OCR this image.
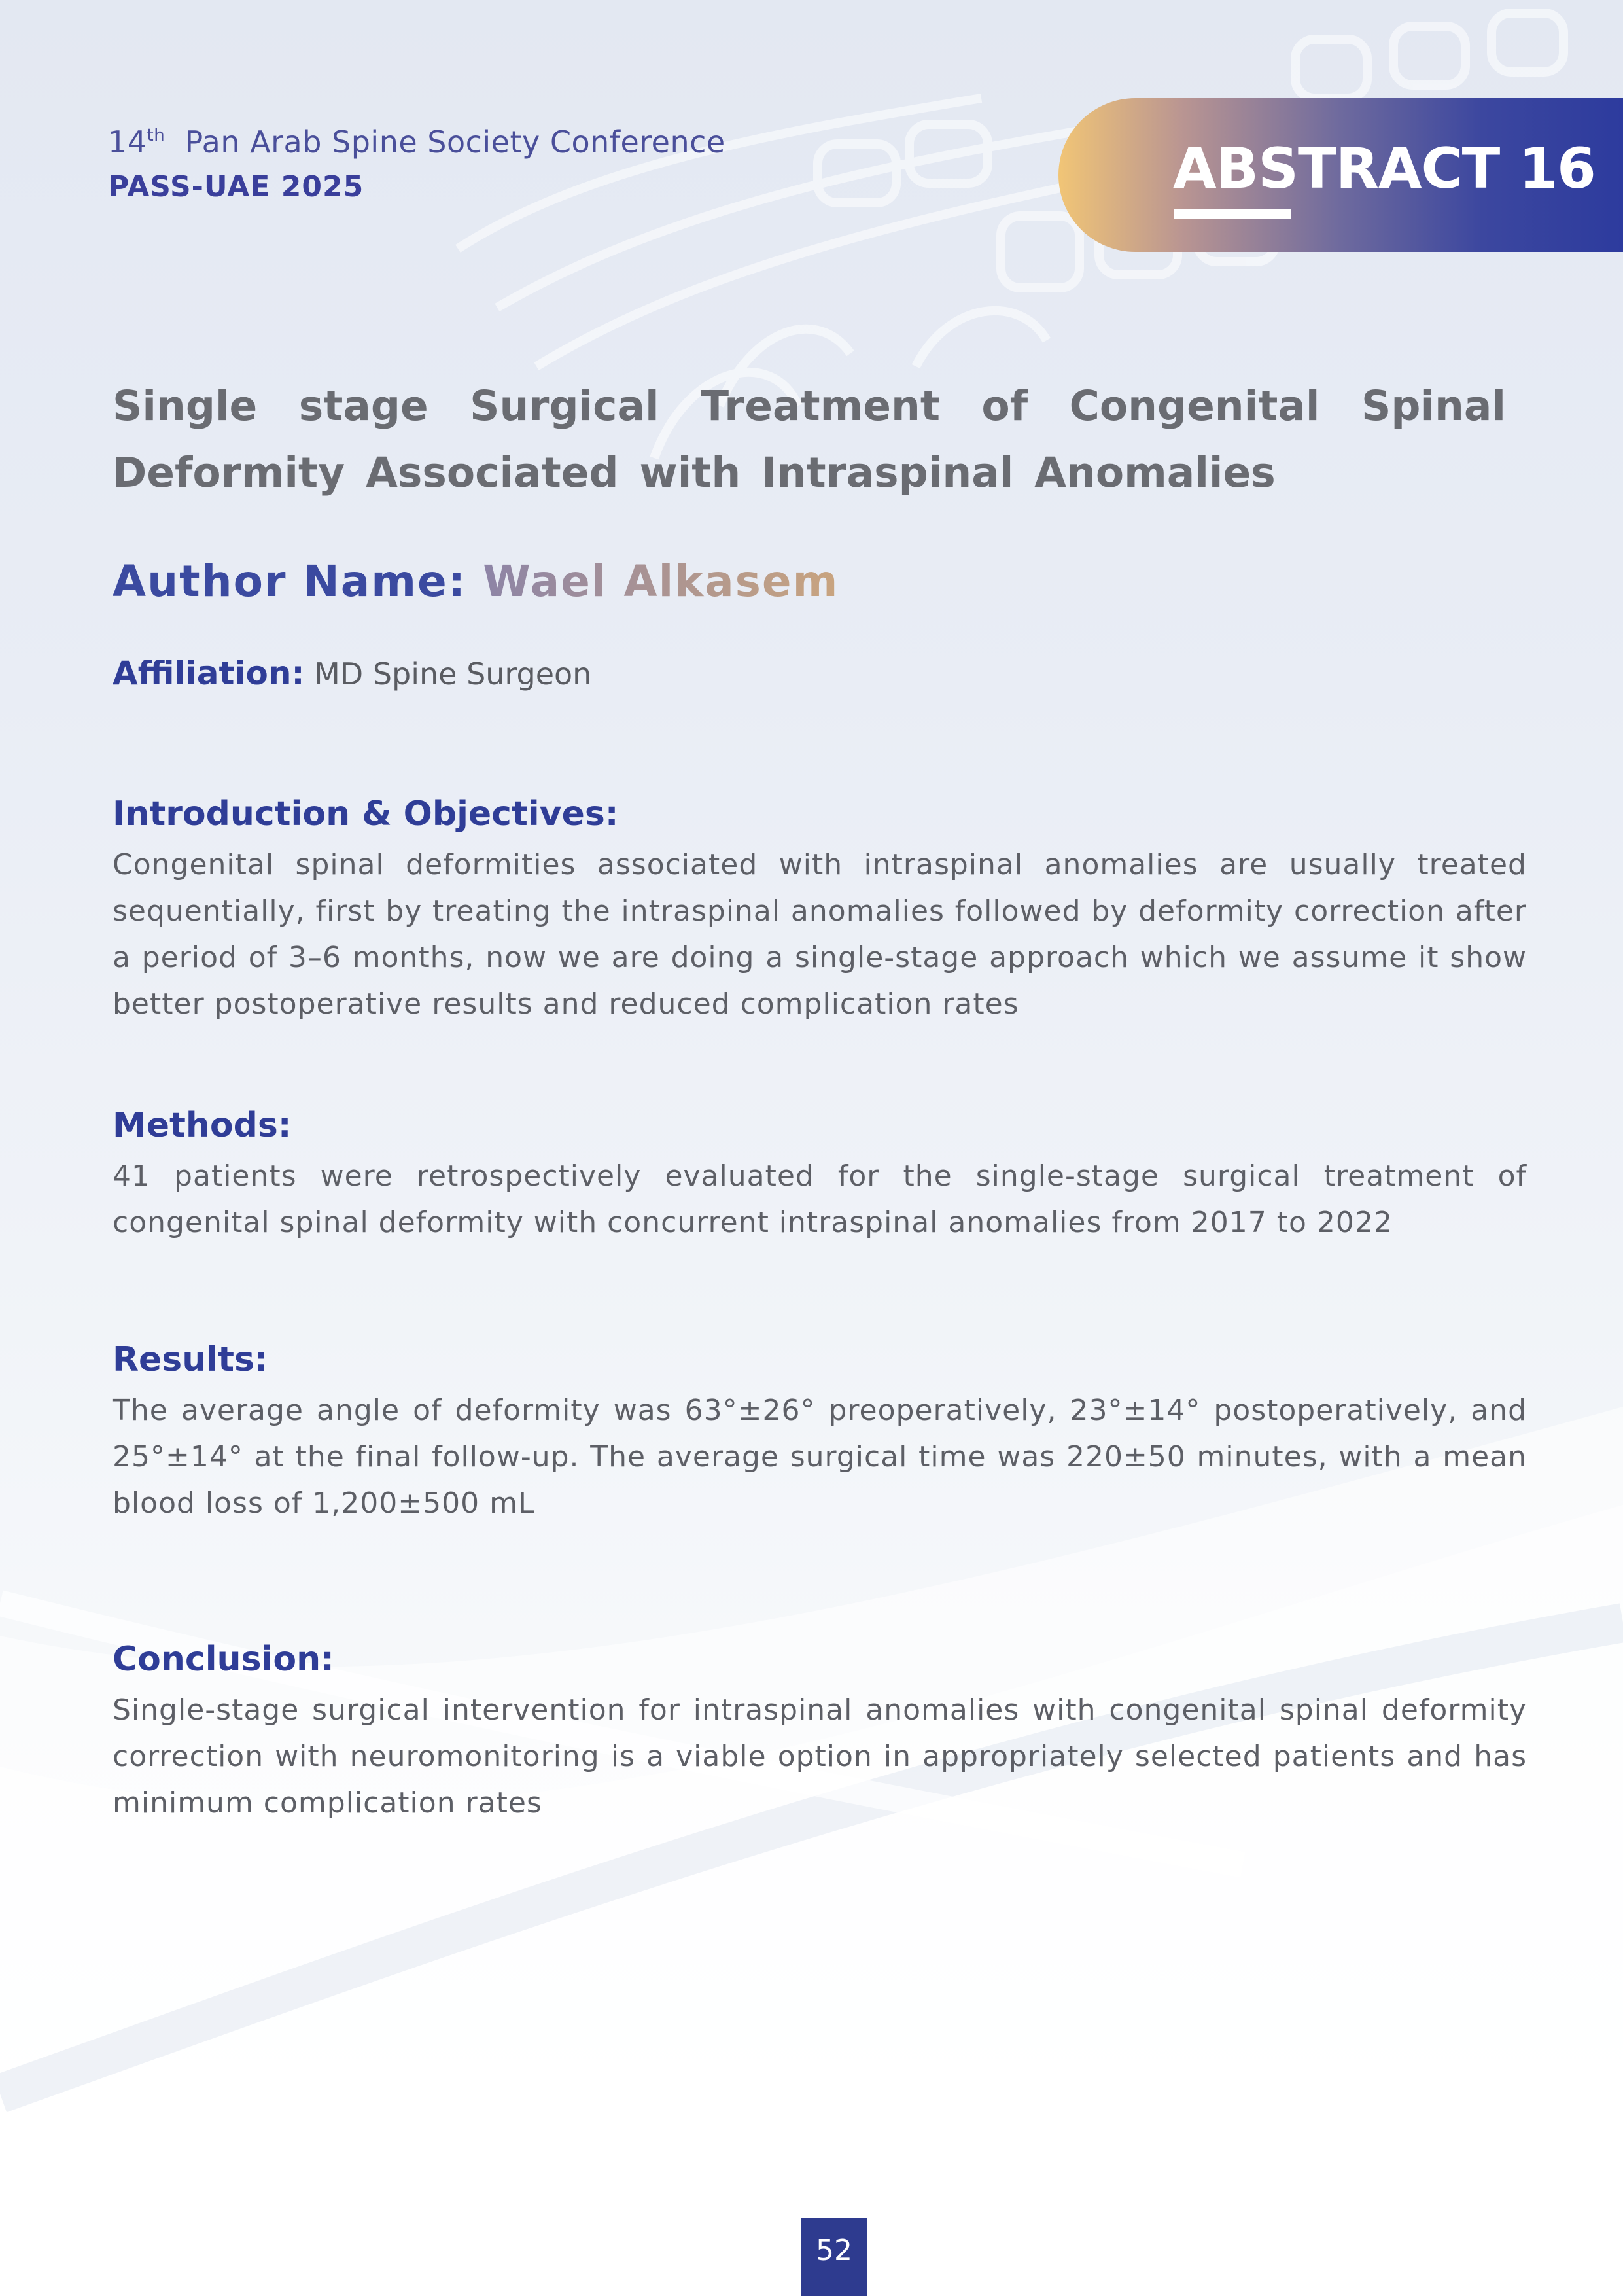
14th Pan Arab Spine Society Conference
PASS-UAE 2025	ABSTRACT 16
Single stage Surgical Treatment of Congenital Spinal Deformity Associated with Intraspinal Anomalies
Author Name: Wael Alkasem
Affiliation: MD Spine Surgeon
Introduction & Objectives:

Congenital spinal deformities associated with intraspinal anomalies are usually treated sequentially, first by treating the intraspinal anomalies followed by deformity correction after a period of 3–6 months, now we are doing a single-stage approach which we assume it show better postoperative results and reduced complication rates

Methods:

41 patients were retrospectively evaluated for the single-stage surgical treatment of congenital spinal deformity with concurrent intraspinal anomalies from 2017 to 2022

Results:

The average angle of deformity was 63°±26° preoperatively, 23°±14° postoperatively, and 25°±14° at the final follow-up. The average surgical time was 220±50 minutes, with a mean blood loss of 1,200±500 mL

Conclusion:

Single-stage surgical intervention for intraspinal anomalies with congenital spinal deformity correction with neuromonitoring is a viable option in appropriately selected patients and has minimum complication rates

52
